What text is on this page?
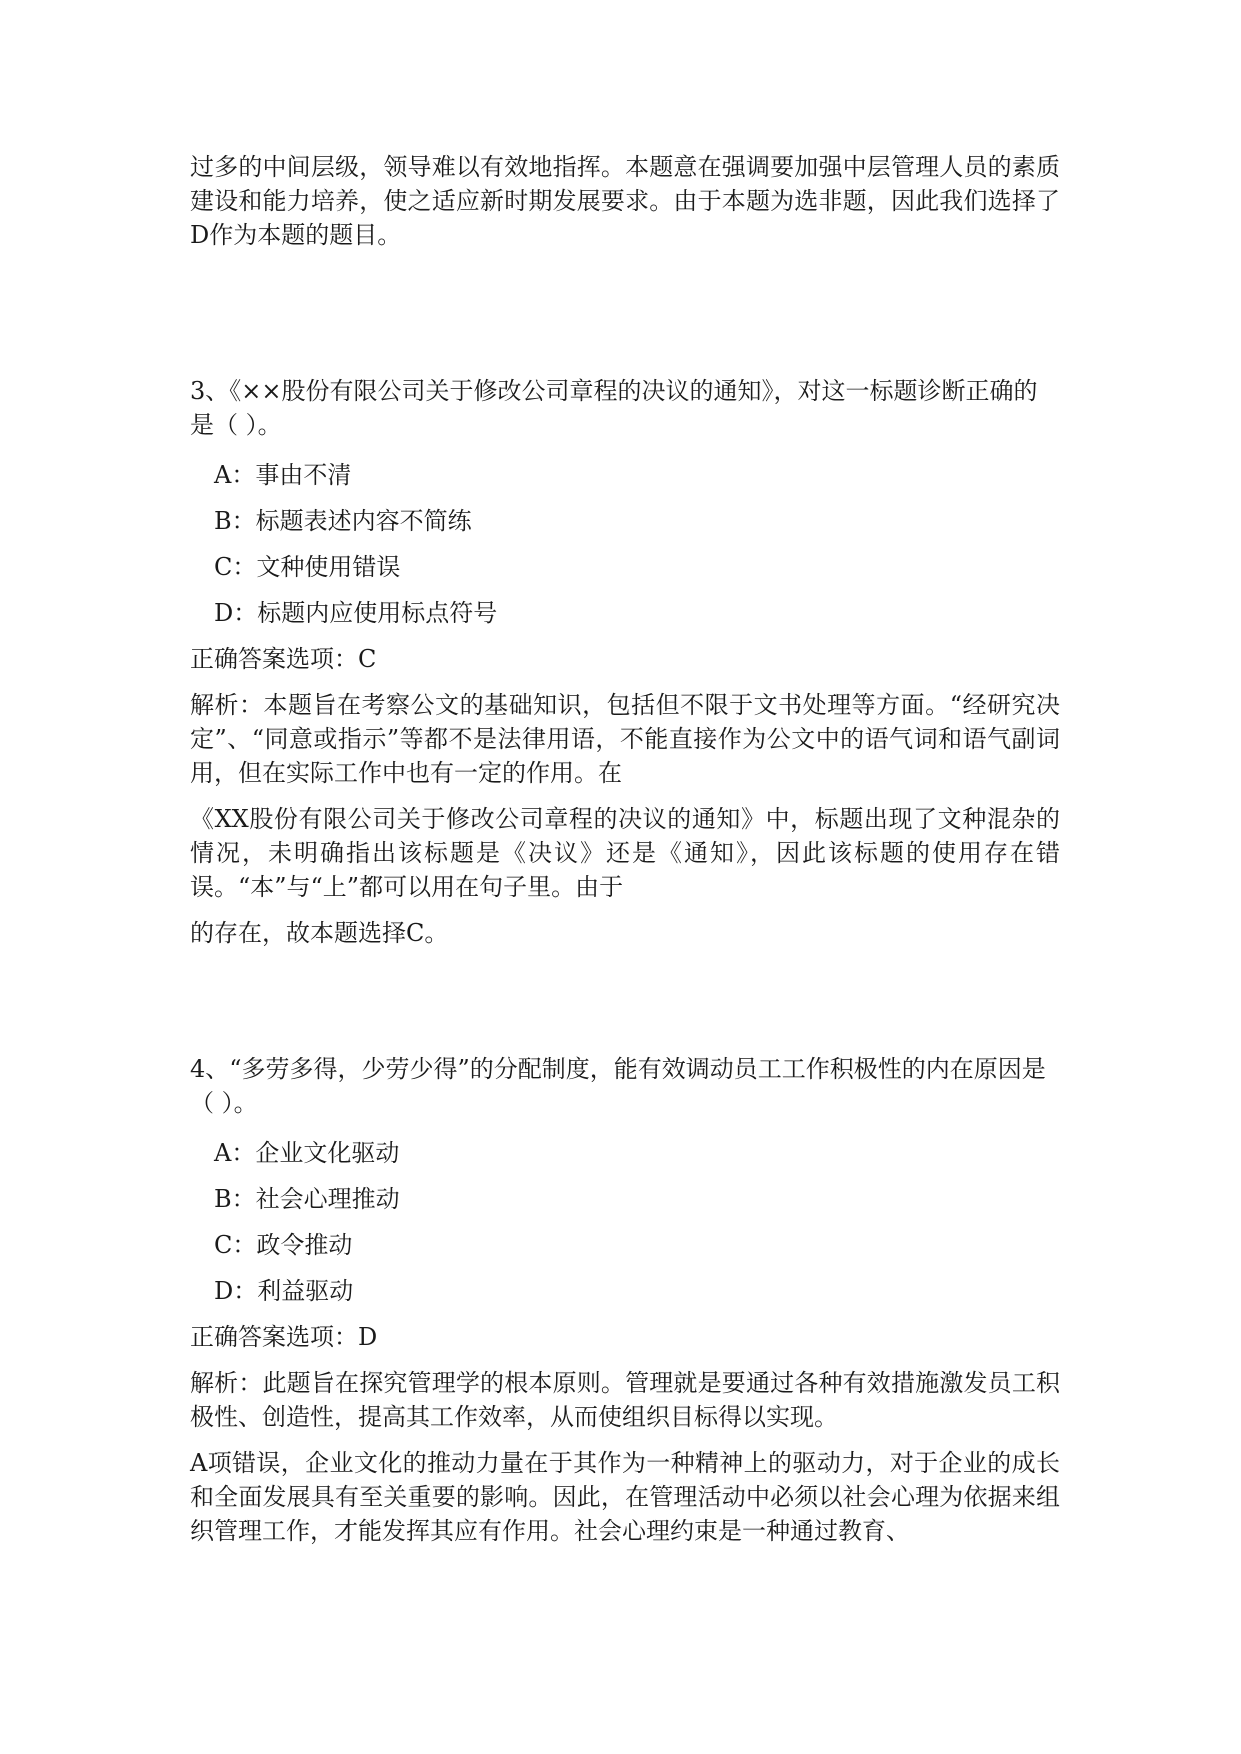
过多的中间层级，领导难以有效地指挥。本题意在强调要加强中层管理人员的素质建设和能力培养，使之适应新时期发展要求。由于本题为选非题，因此我们选择了D作为本题的题目。

3、《××股份有限公司关于修改公司章程的决议的通知》，对这一标题诊断正确的是（ ）。

A：事由不清

B：标题表述内容不简练

C：文种使用错误

D：标题内应使用标点符号

正确答案选项：C

解析：本题旨在考察公文的基础知识，包括但不限于文书处理等方面。“经研究决定”、“同意或指示”等都不是法律用语，不能直接作为公文中的语气词和语气副词用，但在实际工作中也有一定的作用。在

《XX股份有限公司关于修改公司章程的决议的通知》中，标题出现了文种混杂的情况，未明确指出该标题是《决议》还是《通知》，因此该标题的使用存在错误。“本”与“上”都可以用在句子里。由于

的存在，故本题选择C。

4、“多劳多得，少劳少得”的分配制度，能有效调动员工工作积极性的内在原因是（ ）。

A：企业文化驱动

B：社会心理推动

C：政令推动

D：利益驱动

正确答案选项：D

解析：此题旨在探究管理学的根本原则。管理就是要通过各种有效措施激发员工积极性、创造性，提高其工作效率，从而使组织目标得以实现。

A项错误，企业文化的推动力量在于其作为一种精神上的驱动力，对于企业的成长和全面发展具有至关重要的影响。因此，在管理活动中必须以社会心理为依据来组织管理工作，才能发挥其应有作用。社会心理约束是一种通过教育、
